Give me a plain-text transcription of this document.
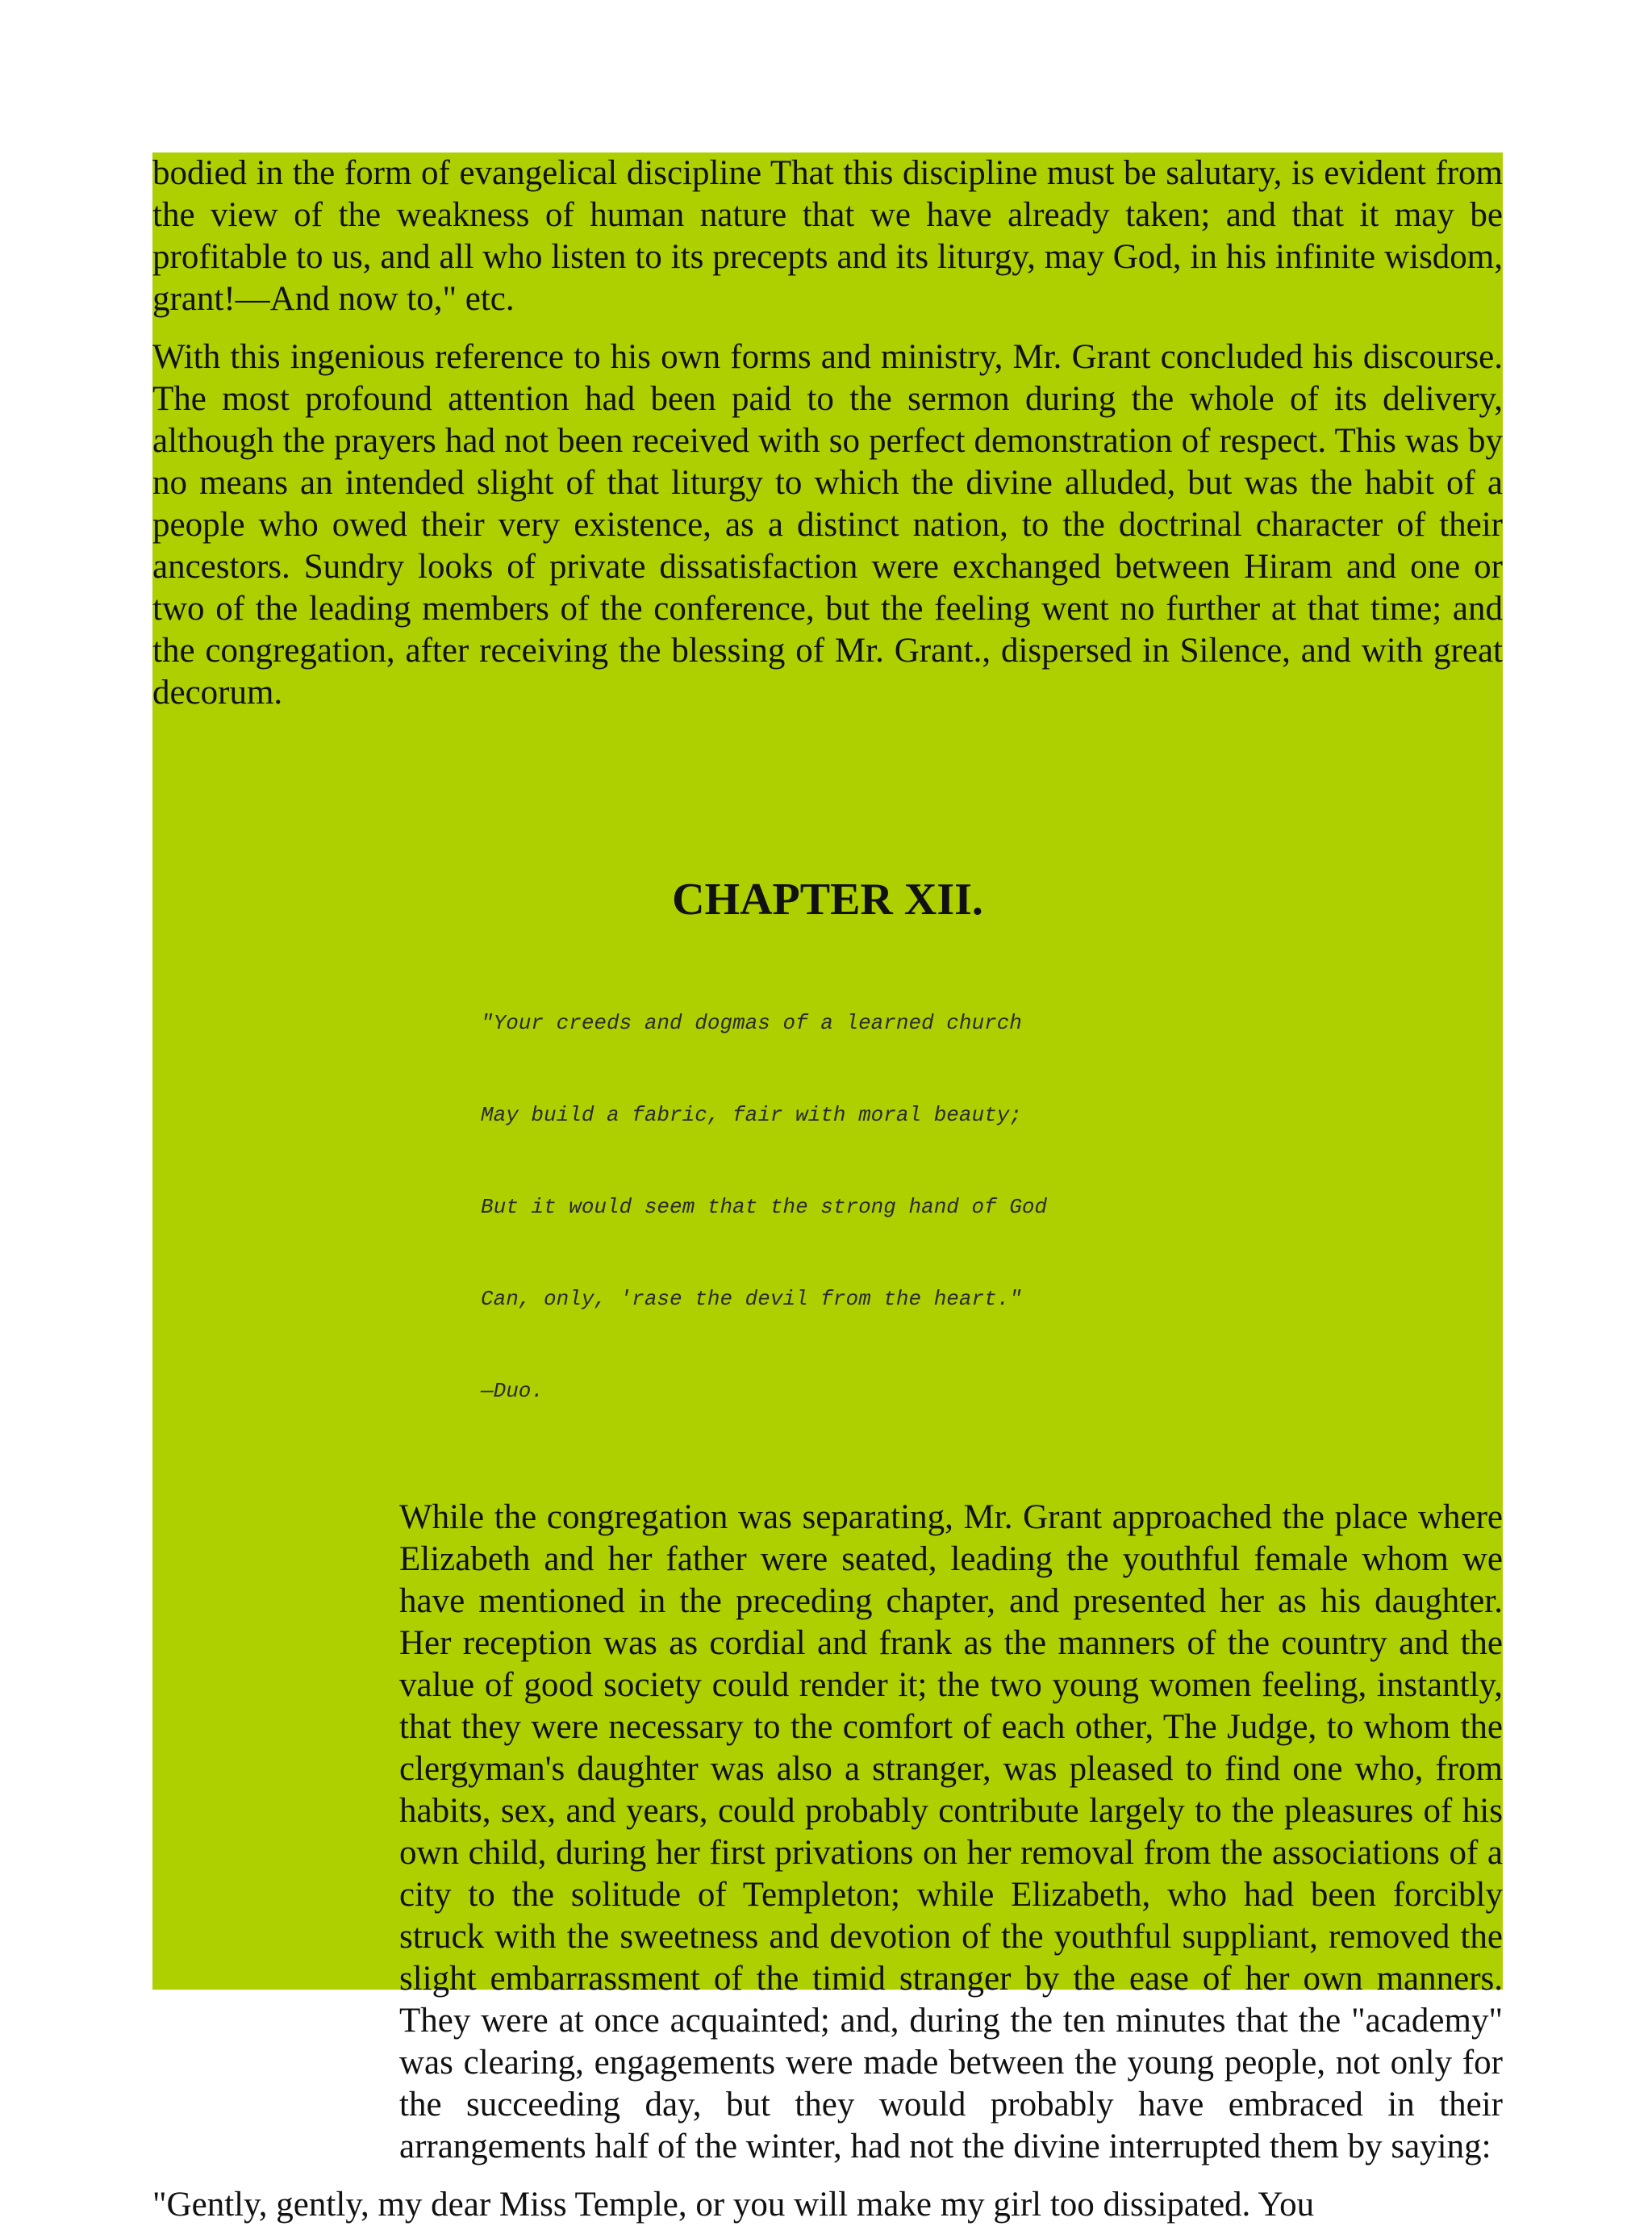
bodied in the form of evangelical discipline That this discipline must be salutary, is evident from the view of the weakness of human nature that we have already taken; and that it may be profitable to us, and all who listen to its precepts and its liturgy, may God, in his infinite wisdom, grant!—And now to," etc.

With this ingenious reference to his own forms and ministry, Mr. Grant concluded his discourse. The most profound attention had been paid to the sermon during the whole of its delivery, although the prayers had not been received with so perfect demonstration of respect. This was by no means an intended slight of that liturgy to which the divine alluded, but was the habit of a people who owed their very existence, as a distinct nation, to the doctrinal character of their ancestors. Sundry looks of private dissatisfaction were exchanged between Hiram and one or two of the leading members of the conference, but the feeling went no further at that time; and the congregation, after receiving the blessing of Mr. Grant., dispersed in Silence, and with great decorum.

CHAPTER XII.

"Your creeds and dogmas of a learned church

May build a fabric, fair with moral beauty;

But it would seem that the strong hand of God

Can, only, 'rase the devil from the heart."

—Duo.

While the congregation was separating, Mr. Grant approached the place where Elizabeth and her father were seated, leading the youthful female whom we have mentioned in the preceding chapter, and presented her as his daughter. Her reception was as cordial and frank as the manners of the country and the value of good society could render it; the two young women feeling, instantly, that they were necessary to the comfort of each other, The Judge, to whom the clergyman's daughter was also a stranger, was pleased to find one who, from habits, sex, and years, could probably contribute largely to the pleasures of his own child, during her first privations on her removal from the associations of a city to the solitude of Templeton; while Elizabeth, who had been forcibly struck with the sweetness and devotion of the youthful suppliant, removed the slight embarrassment of the timid stranger by the ease of her own manners. They were at once acquainted; and, during the ten minutes that the "academy" was clearing, engagements were made between the young people, not only for the succeeding day, but they would probably have embraced in their arrangements half of the winter, had not the divine interrupted them by saying:

"Gently, gently, my dear Miss Temple, or you will make my girl too dissipated. You
